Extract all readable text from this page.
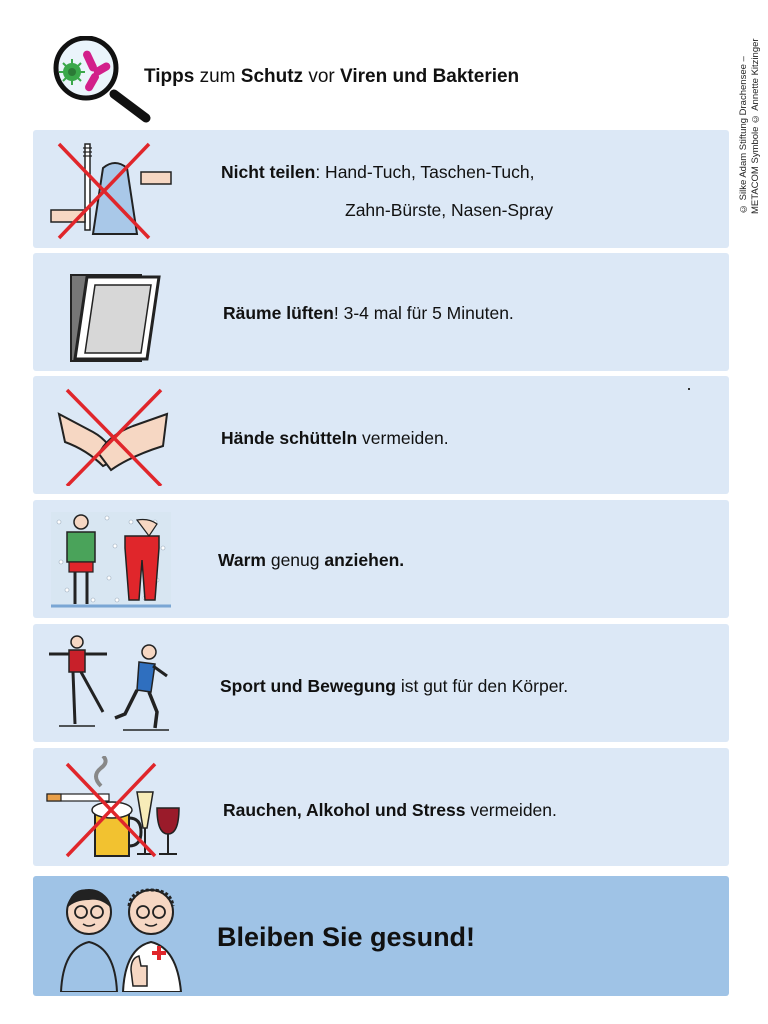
© Silke Adam Stiftung Drachensee – METACOM Symbole © Annette Kitzinger
Tipps zum Schutz vor Viren und Bakterien
Nicht teilen: Hand-Tuch, Taschen-Tuch,
Zahn-Bürste, Nasen-Spray
Räume lüften! 3-4 mal für 5 Minuten.
Hände schütteln vermeiden.
Warm genug anziehen.
Sport und Bewegung ist gut für den Körper.
Rauchen, Alkohol und Stress vermeiden.
Bleiben Sie gesund!
